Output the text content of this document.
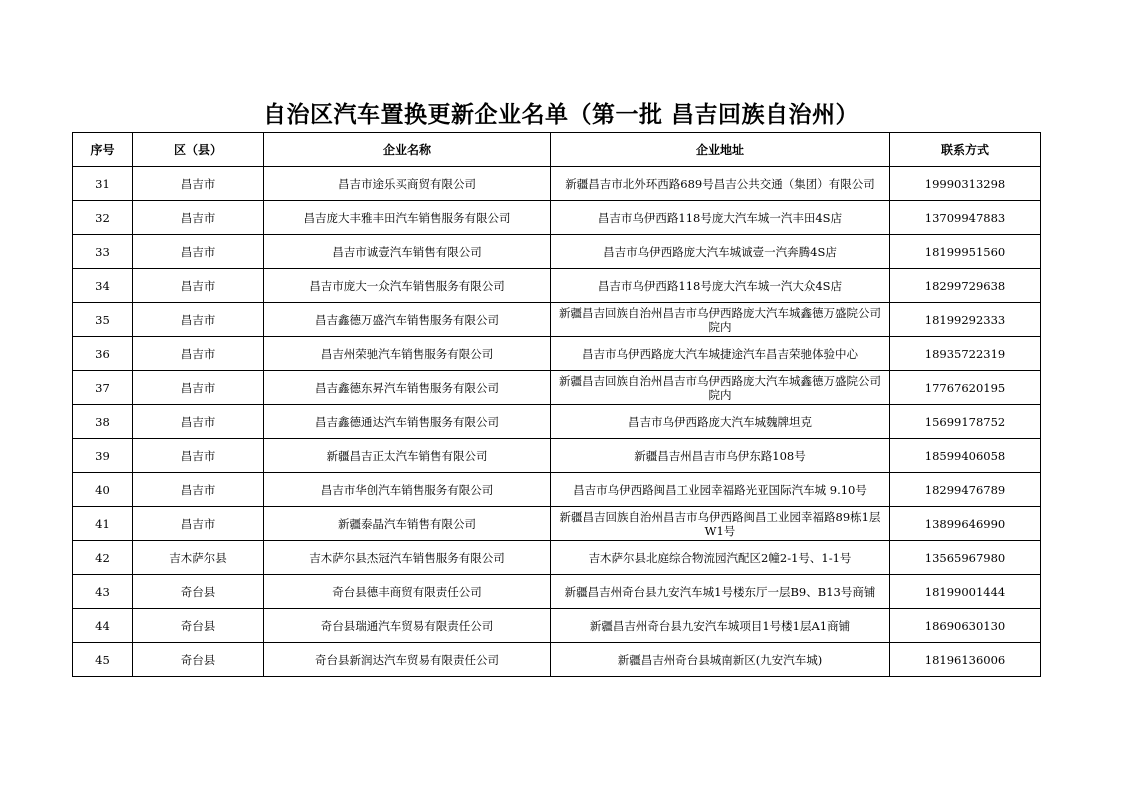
自治区汽车置换更新企业名单（第一批 昌吉回族自治州）
序号	区（县）	企业名称	企业地址	联系方式
31	昌吉市	昌吉市途乐买商贸有限公司	新疆昌吉市北外环西路689号昌吉公共交通（集团）有限公司	19990313298
32	昌吉市	昌吉庞大丰雅丰田汽车销售服务有限公司	昌吉市乌伊西路118号庞大汽车城一汽丰田4S店	13709947883
33	昌吉市	昌吉市诚壹汽车销售有限公司	昌吉市乌伊西路庞大汽车城诚壹一汽奔腾4S店	18199951560
34	昌吉市	昌吉市庞大一众汽车销售服务有限公司	昌吉市乌伊西路118号庞大汽车城一汽大众4S店	18299729638
35	昌吉市	昌吉鑫德万盛汽车销售服务有限公司	新疆昌吉回族自治州昌吉市乌伊西路庞大汽车城鑫德万盛院公司院内	18199292333
36	昌吉市	昌吉州荣驰汽车销售服务有限公司	昌吉市乌伊西路庞大汽车城捷途汽车昌吉荣驰体验中心	18935722319
37	昌吉市	昌吉鑫德东昇汽车销售服务有限公司	新疆昌吉回族自治州昌吉市乌伊西路庞大汽车城鑫德万盛院公司院内	17767620195
38	昌吉市	昌吉鑫德通达汽车销售服务有限公司	昌吉市乌伊西路庞大汽车城魏牌坦克	15699178752
39	昌吉市	新疆昌吉正太汽车销售有限公司	新疆昌吉州昌吉市乌伊东路108号	18599406058
40	昌吉市	昌吉市华创汽车销售服务有限公司	昌吉市乌伊西路闽昌工业园幸福路光亚国际汽车城 9.10号	18299476789
41	昌吉市	新疆泰晶汽车销售有限公司	新疆昌吉回族自治州昌吉市乌伊西路闽昌工业园幸福路89栋1层W1号	13899646990
42	吉木萨尔县	吉木萨尔县杰冠汽车销售服务有限公司	吉木萨尔县北庭综合物流园汽配区2幢2-1号、1-1号	13565967980
43	奇台县	奇台县德丰商贸有限责任公司	新疆昌吉州奇台县九安汽车城1号楼东厅一层B9、B13号商铺	18199001444
44	奇台县	奇台县瑞通汽车贸易有限责任公司	新疆昌吉州奇台县九安汽车城项目1号楼1层A1商铺	18690630130
45	奇台县	奇台县新润达汽车贸易有限责任公司	新疆昌吉州奇台县城南新区(九安汽车城)	18196136006
